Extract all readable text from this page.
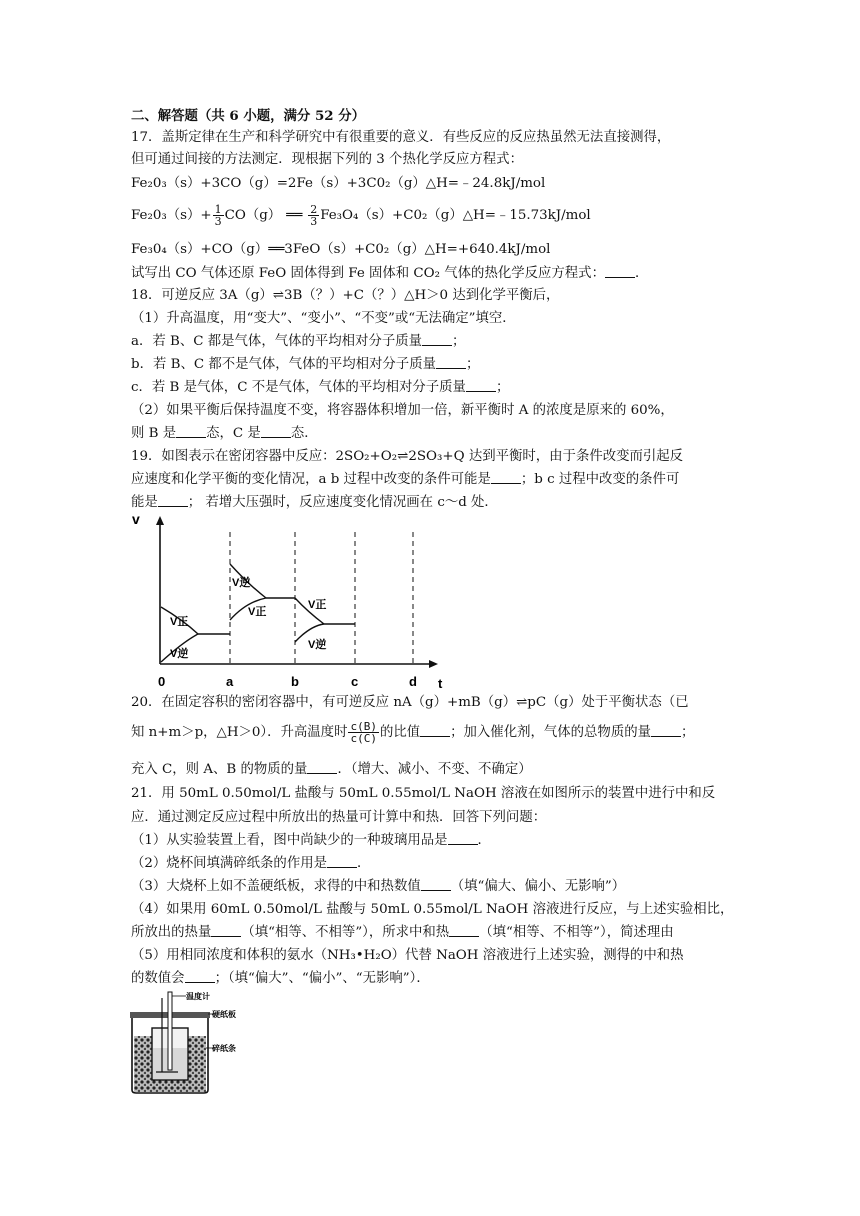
二、解答题（共 6 小题，满分 52 分）
17．盖斯定律在生产和科学研究中有很重要的意义．有些反应的反应热虽然无法直接测得，
但可通过间接的方法测定．现根据下列的 3 个热化学反应方程式：
Fe₂0₃（s）+3CO（g）=2Fe（s）+3C0₂（g）△H=﹣24.8kJ/mol
$Fe_20_3(s)+ \frac{1}{3} CO(g)$ ══ $\frac{2}{3}$ Fe₃O₄（s）+C0₂（g）△H=﹣15.73kJ/mol
Fe₃0₄（s）+CO（g）══3FeO（s）+C0₂（g）△H=+640.4kJ/mol
试写出 CO 气体还原 FeO 固体得到 Fe 固体和 CO₂ 气体的热化学反应方程式： ．
18．可逆反应 3A（g）⇌3B（？）+C（？）△H＞0 达到化学平衡后，
（1）升高温度，用“变大”、“变小”、“不变”或“无法确定”填空．
a．若 B、C 都是气体，气体的平均相对分子质量 ；
b．若 B、C 都不是气体，气体的平均相对分子质量 ；
c．若 B 是气体，C 不是气体，气体的平均相对分子质量 ；
（2）如果平衡后保持温度不变，将容器体积增加一倍，新平衡时 A 的浓度是原来的 60%，
则 B 是 态，C 是 态．
19．如图表示在密闭容器中反应：2SO₂+O₂⇌2SO₃+Q 达到平衡时，由于条件改变而引起反
应速度和化学平衡的变化情况，a b 过程中改变的条件可能是 ；b c 过程中改变的条件可
能是 ； 若增大压强时，反应速度变化情况画在 c～d 处．
v
t
0	a	b	c	d
V正
V逆
V逆
V正
V正
V逆
20．在固定容积的密闭容器中，有可逆反应 nA（g）+mB（g）⇌pC（g）处于平衡状态（已
知 n+m＞p，△H＞0）．升高温度时 $\frac{c(B)}{c(C)}$ 的比值 ；加入催化剂，气体的总物质的量 ；
充入 C，则 A、B 的物质的量 ．（增大、减小、不变、不确定）
21．用 50mL 0.50mol/L 盐酸与 50mL 0.55mol/L NaOH 溶液在如图所示的装置中进行中和反
应．通过测定反应过程中所放出的热量可计算中和热．回答下列问题：
（1）从实验装置上看，图中尚缺少的一种玻璃用品是 ．
（2）烧杯间填满碎纸条的作用是 ．
（3）大烧杯上如不盖硬纸板，求得的中和热数值 （填“偏大、偏小、无影响”）
（4）如果用 60mL 0.50mol/L 盐酸与 50mL 0.55mol/L NaOH 溶液进行反应，与上述实验相比，
所放出的热量 （填“相等、不相等”），所求中和热 （填“相等、不相等”），简述理由
（5）用相同浓度和体积的氨水（NH₃•H₂O）代替 NaOH 溶液进行上述实验，测得的中和热
的数值会 ；（填“偏大”、“偏小”、“无影响”）．
温度计
硬纸板
碎纸条
